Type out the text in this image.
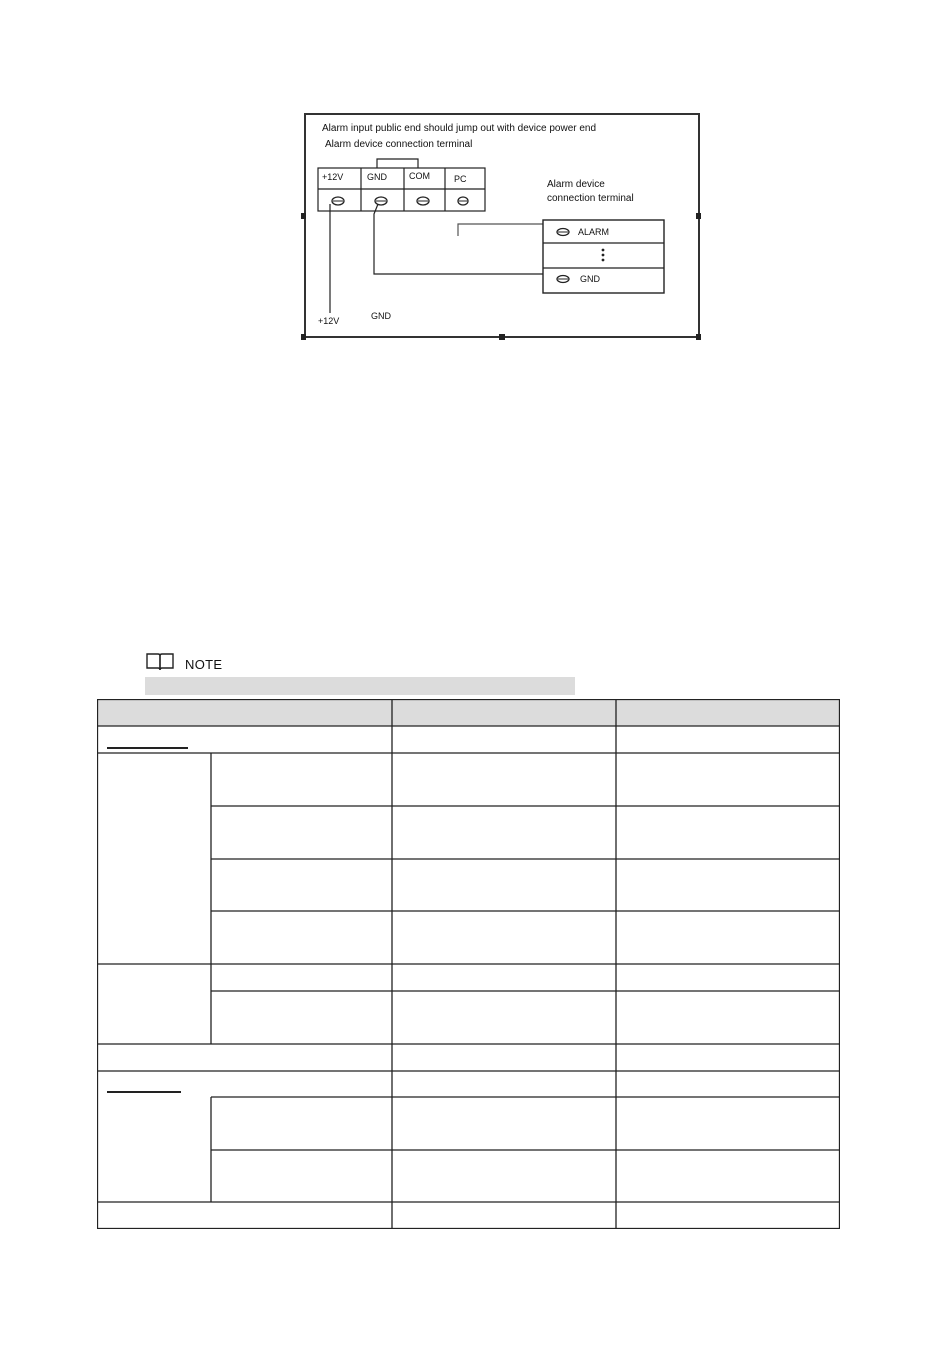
Alarm input public end should jump out with device power end
Alarm device connection terminal
+12V	GND COM	PC	Alarm device
connection terminal
ALARM
GND
+12V	GND
NOTE
